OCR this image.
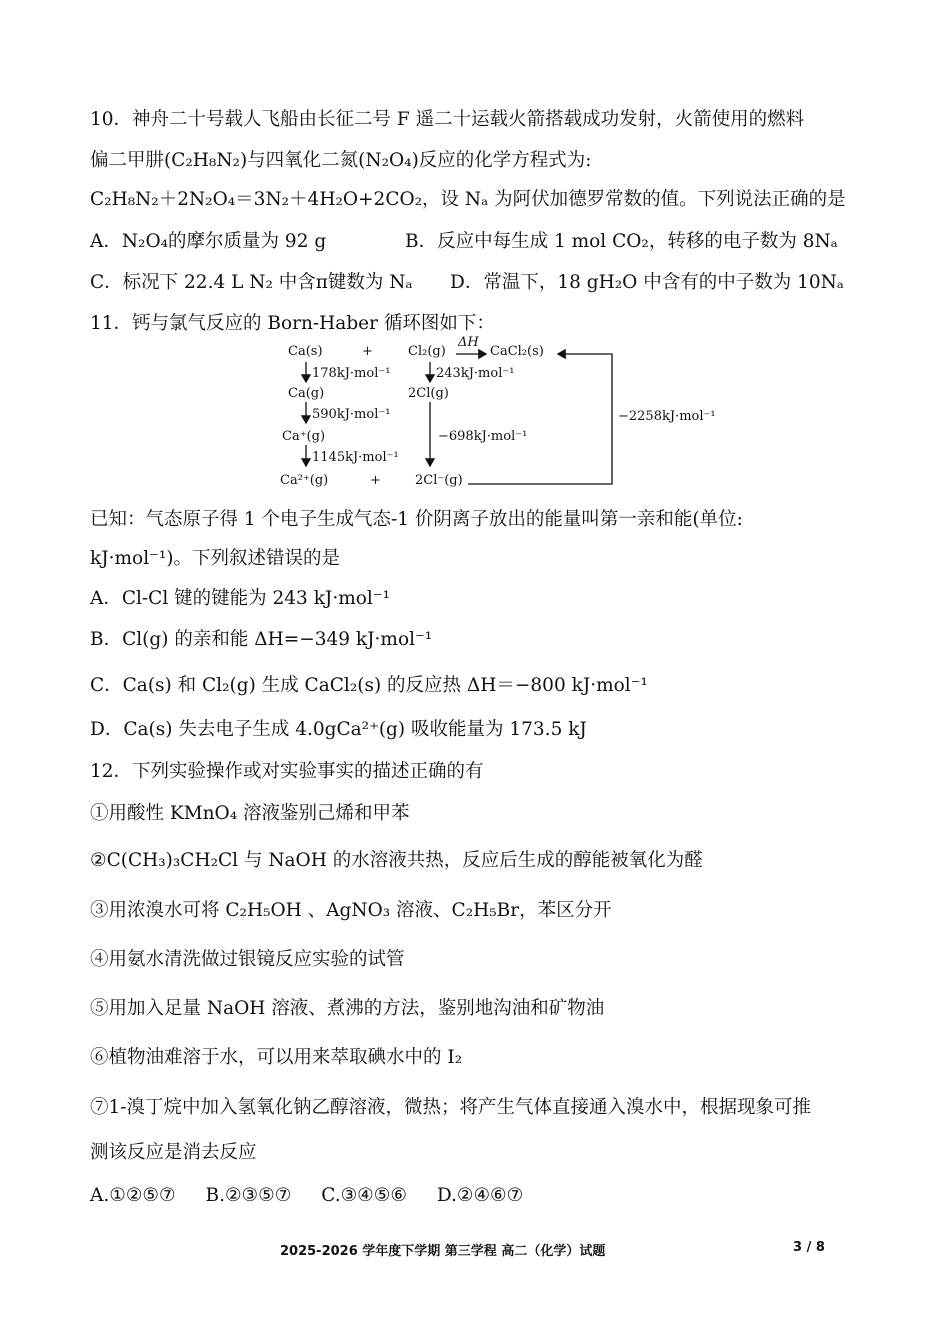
10．神舟二十号载人飞船由长征二号 F 遥二十运载火箭搭载成功发射，火箭使用的燃料
偏二甲肼(C₂H₈N₂)与四氧化二氮(N₂O₄)反应的化学方程式为:
C₂H₈N₂＋2N₂O₄＝3N₂＋4H₂O+2CO₂，设 Nₐ 为阿伏加德罗常数的值。下列说法正确的是
A．N₂O₄的摩尔质量为 92 g	B．反应中每生成 1 mol CO₂，转移的电子数为 8Nₐ
C．标况下 22.4 L N₂ 中含π键数为 Nₐ D．常温下，18 gH₂O 中含有的中子数为 10Nₐ
11．钙与氯气反应的 Born-Haber 循环图如下：
Ca(s)	+	Cl₂(g)
ΔH
CaCl₂(s)
178kJ·mol⁻¹	243kJ·mol⁻¹
Ca(g)	2Cl(g)
590kJ·mol⁻¹
Ca⁺(g)	−698kJ·mol⁻¹
−2258kJ·mol⁻¹
1145kJ·mol⁻¹
Ca²⁺(g)	+	2Cl⁻(g)
已知：气态原子得 1 个电子生成气态-1 价阴离子放出的能量叫第一亲和能(单位:
kJ·mol⁻¹)。下列叙述错误的是
A．Cl-Cl 键的键能为 243 kJ·mol⁻¹
B．Cl(g) 的亲和能 ΔH=−349 kJ·mol⁻¹
C．Ca(s) 和 Cl₂(g) 生成 CaCl₂(s) 的反应热 ΔH＝−800 kJ·mol⁻¹
D．Ca(s) 失去电子生成 4.0gCa²⁺(g) 吸收能量为 173.5 kJ
12．下列实验操作或对实验事实的描述正确的有
①用酸性 KMnO₄ 溶液鉴别己烯和甲苯
②C(CH₃)₃CH₂Cl 与 NaOH 的水溶液共热，反应后生成的醇能被氧化为醛
③用浓溴水可将 C₂H₅OH 、AgNO₃ 溶液、C₂H₅Br，苯区分开
④用氨水清洗做过银镜反应实验的试管
⑤用加入足量 NaOH 溶液、煮沸的方法，鉴别地沟油和矿物油
⑥植物油难溶于水，可以用来萃取碘水中的 I₂
⑦1-溴丁烷中加入氢氧化钠乙醇溶液，微热；将产生气体直接通入溴水中，根据现象可推
测该反应是消去反应
A.①②⑤⑦ B.②③⑤⑦ C.③④⑤⑥ D.②④⑥⑦
2025-2026 学年度下学期 第三学程 高二（化学）试题	3 / 8
